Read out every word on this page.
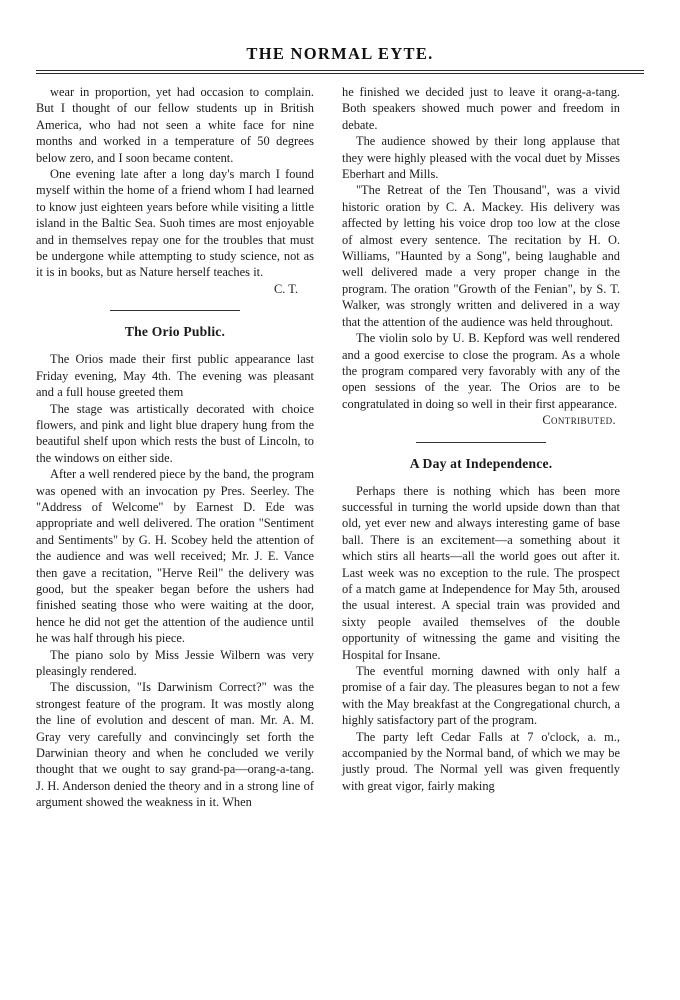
THE NORMAL EYTE.

wear in proportion, yet had occasion to complain. But I thought of our fellow students up in British America, who had not seen a white face for nine months and worked in a temperature of 50 degrees below zero, and I soon became content.

One evening late after a long day's march I found myself within the home of a friend whom I had learned to know just eighteen years before while visiting a little island in the Baltic Sea. Suoh times are most enjoyable and in themselves repay one for the troubles that must be undergone while attempting to study science, not as it is in books, but as Nature herself teaches it.

C. T.
The Orio Public.

The Orios made their first public appearance last Friday evening, May 4th. The evening was pleasant and a full house greeted them

The stage was artistically decorated with choice flowers, and pink and light blue drapery hung from the beautiful shelf upon which rests the bust of Lincoln, to the windows on either side.

After a well rendered piece by the band, the program was opened with an invocation py Pres. Seerley. The "Address of Welcome" by Earnest D. Ede was appropriate and well delivered. The oration "Sentiment and Sentiments" by G. H. Scobey held the attention of the audience and was well received; Mr. J. E. Vance then gave a recitation, "Herve Reil" the delivery was good, but the speaker began before the ushers had finished seating those who were waiting at the door, hence he did not get the attention of the audience until he was half through his piece.

The piano solo by Miss Jessie Wilbern was very pleasingly rendered.

The discussion, "Is Darwinism Correct?" was the strongest feature of the program. It was mostly along the line of evolution and descent of man. Mr. A. M. Gray very carefully and convincingly set forth the Darwinian theory and when he concluded we verily thought that we ought to say grand-pa—orang-a-tang. J. H. Anderson denied the theory and in a strong line of argument showed the weakness in it. When

he finished we decided just to leave it orang-a-tang. Both speakers showed much power and freedom in debate.

The audience showed by their long applause that they were highly pleased with the vocal duet by Misses Eberhart and Mills.

"The Retreat of the Ten Thousand", was a vivid historic oration by C. A. Mackey. His delivery was affected by letting his voice drop too low at the close of almost every sentence. The recitation by H. O. Williams, "Haunted by a Song", being laughable and well delivered made a very proper change in the program. The oration "Growth of the Fenian", by S. T. Walker, was strongly written and delivered in a way that the attention of the audience was held throughout.

The violin solo by U. B. Kepford was well rendered and a good exercise to close the program. As a whole the program compared very favorably with any of the open sessions of the year. The Orios are to be congratulated in doing so well in their first appearance.

Contributed.
A Day at Independence.

Perhaps there is nothing which has been more successful in turning the world upside down than that old, yet ever new and always interesting game of base ball. There is an excitement—a something about it which stirs all hearts—all the world goes out after it. Last week was no exception to the rule. The prospect of a match game at Independence for May 5th, aroused the usual interest. A special train was provided and sixty people availed themselves of the double opportunity of witnessing the game and visiting the Hospital for Insane.

The eventful morning dawned with only half a promise of a fair day. The pleasures began to not a few with the May breakfast at the Congregational church, a highly satisfactory part of the program.

The party left Cedar Falls at 7 o'clock, a. m., accompanied by the Normal band, of which we may be justly proud. The Normal yell was given frequently with great vigor, fairly making
